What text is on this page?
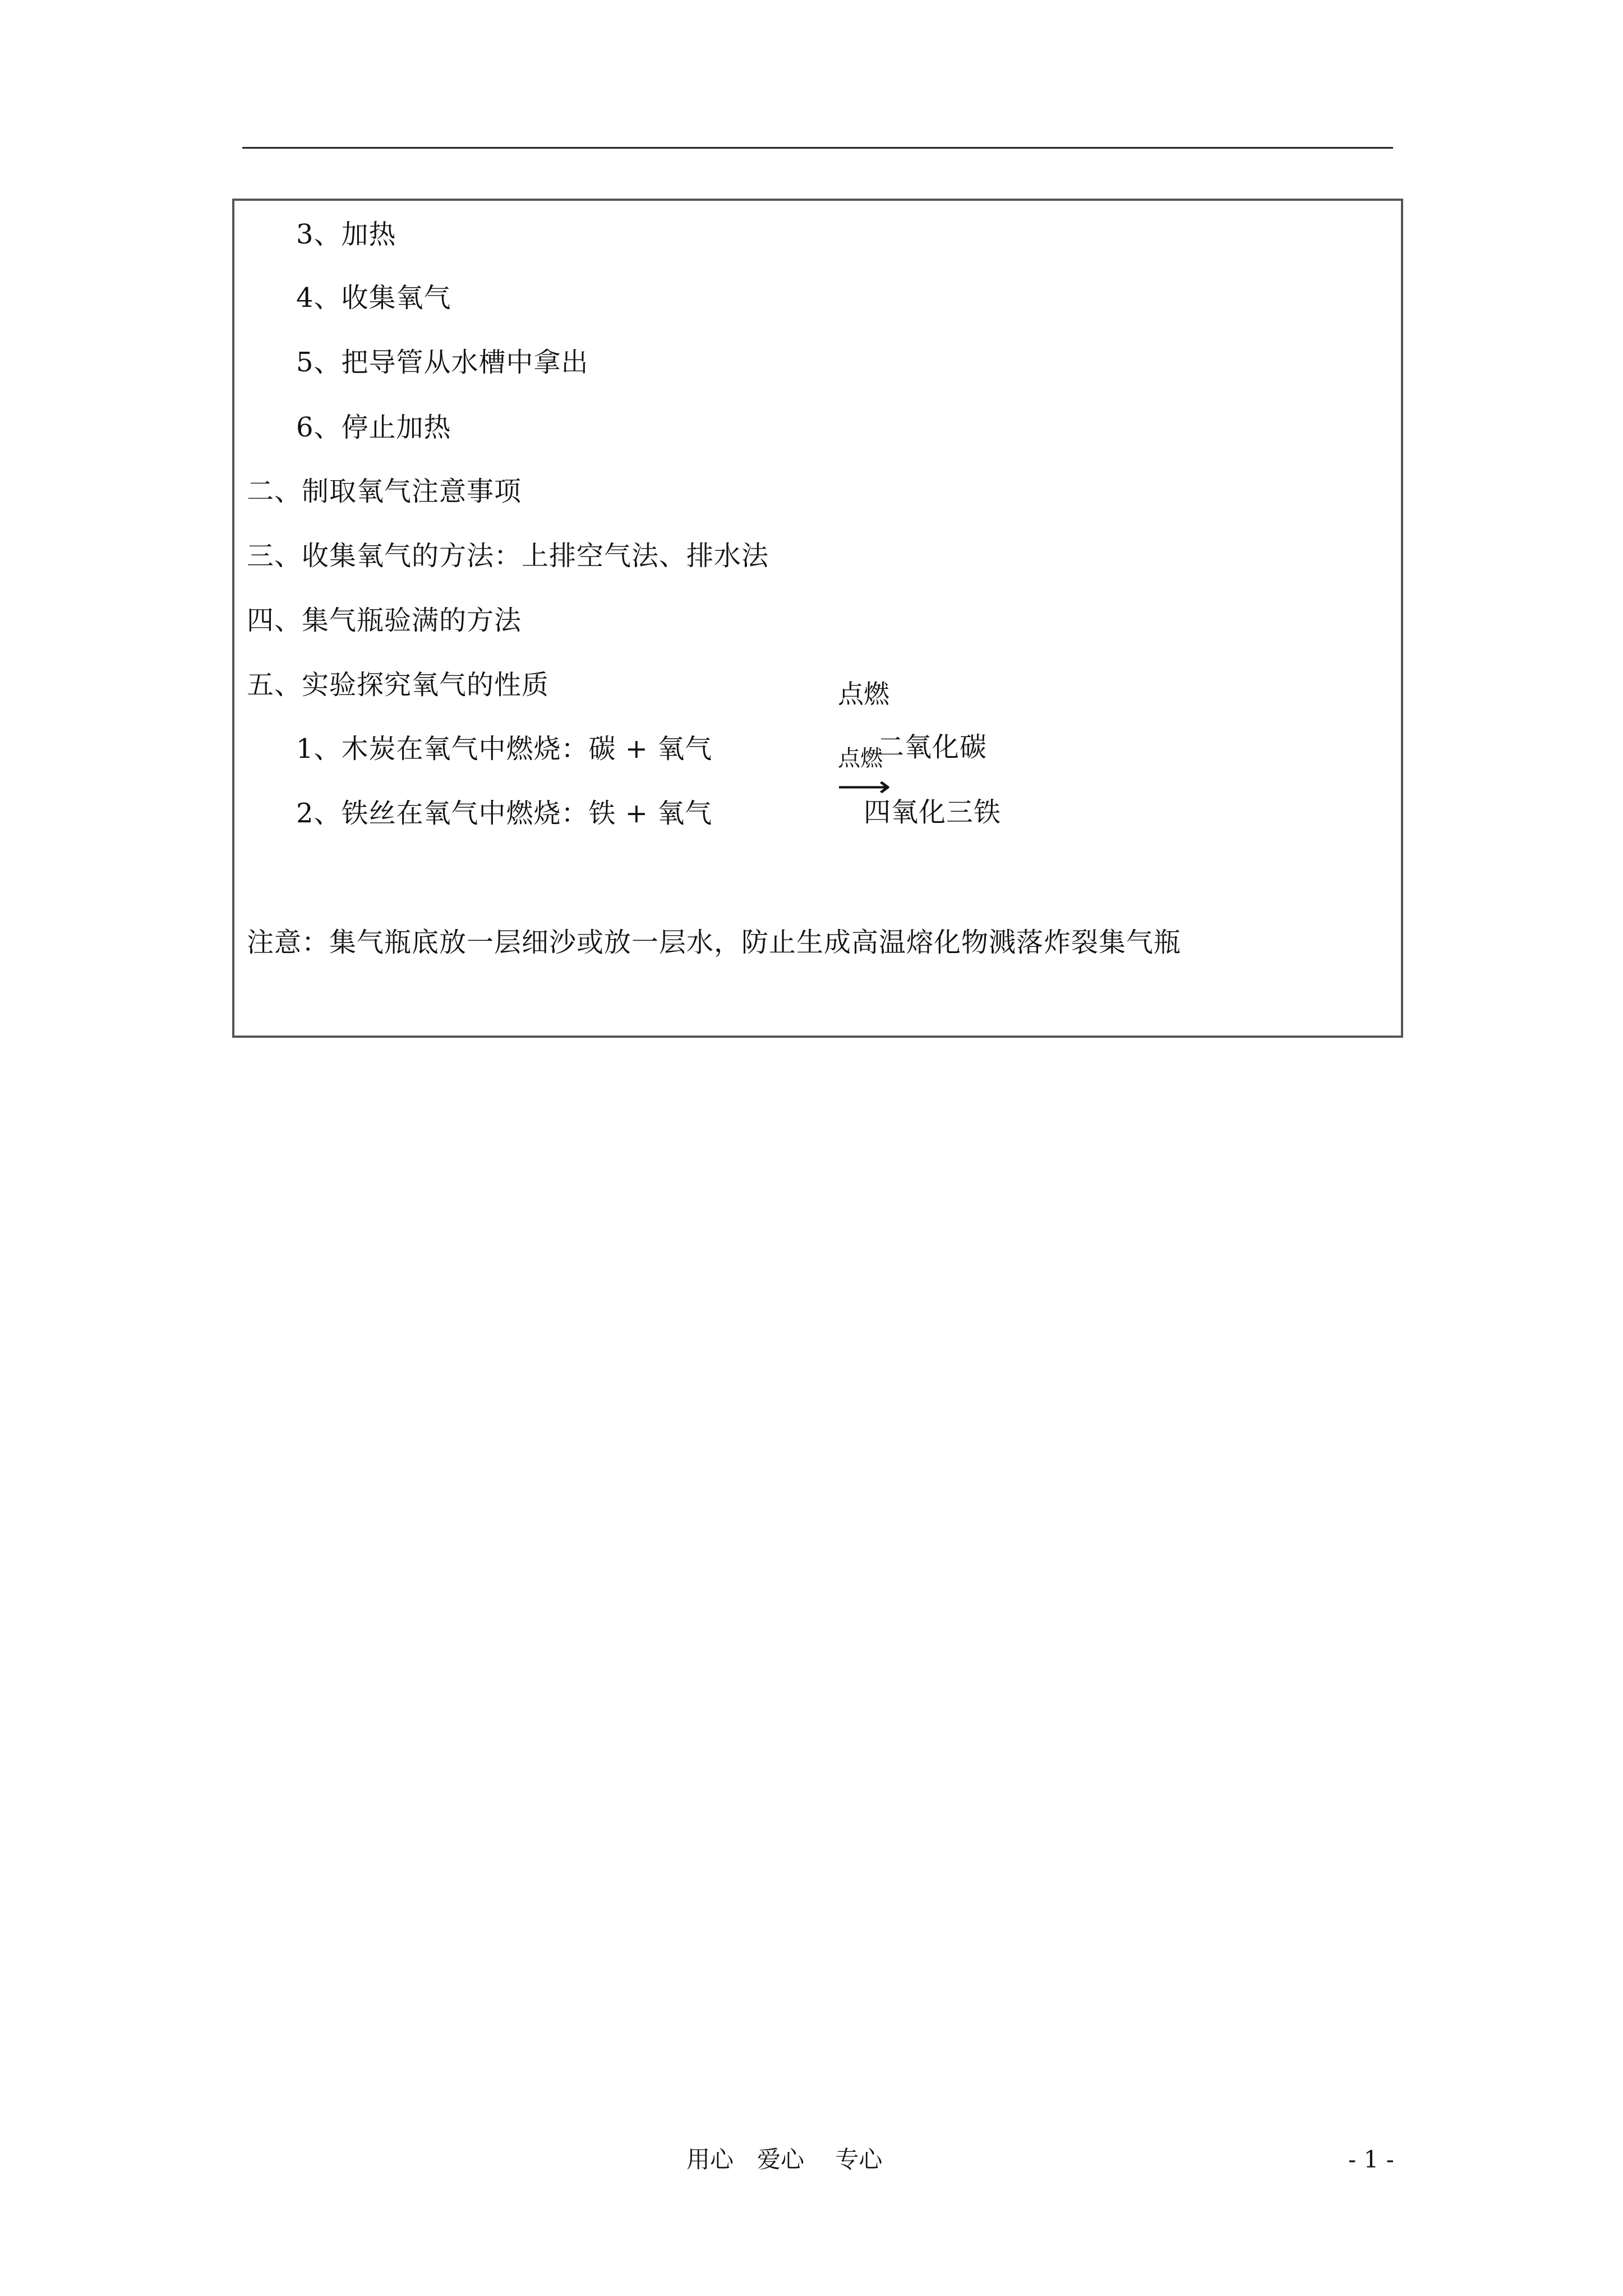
3、加热
4、收集氧气
5、把导管从水槽中拿出
6、停止加热
二、制取氧气注意事项
三、收集氧气的方法：上排空气法、排水法
四、集气瓶验满的方法
五、实验探究氧气的性质	点燃
1、木炭在氧气中燃烧：碳 + 氧气	二氧化碳
点燃
⟶
2、铁丝在氧气中燃烧：铁 + 氧气	四氧化三铁
注意：集气瓶底放一层细沙或放一层水，防止生成高温熔化物溅落炸裂集气瓶
用心　爱心　 专心	- 1 -
